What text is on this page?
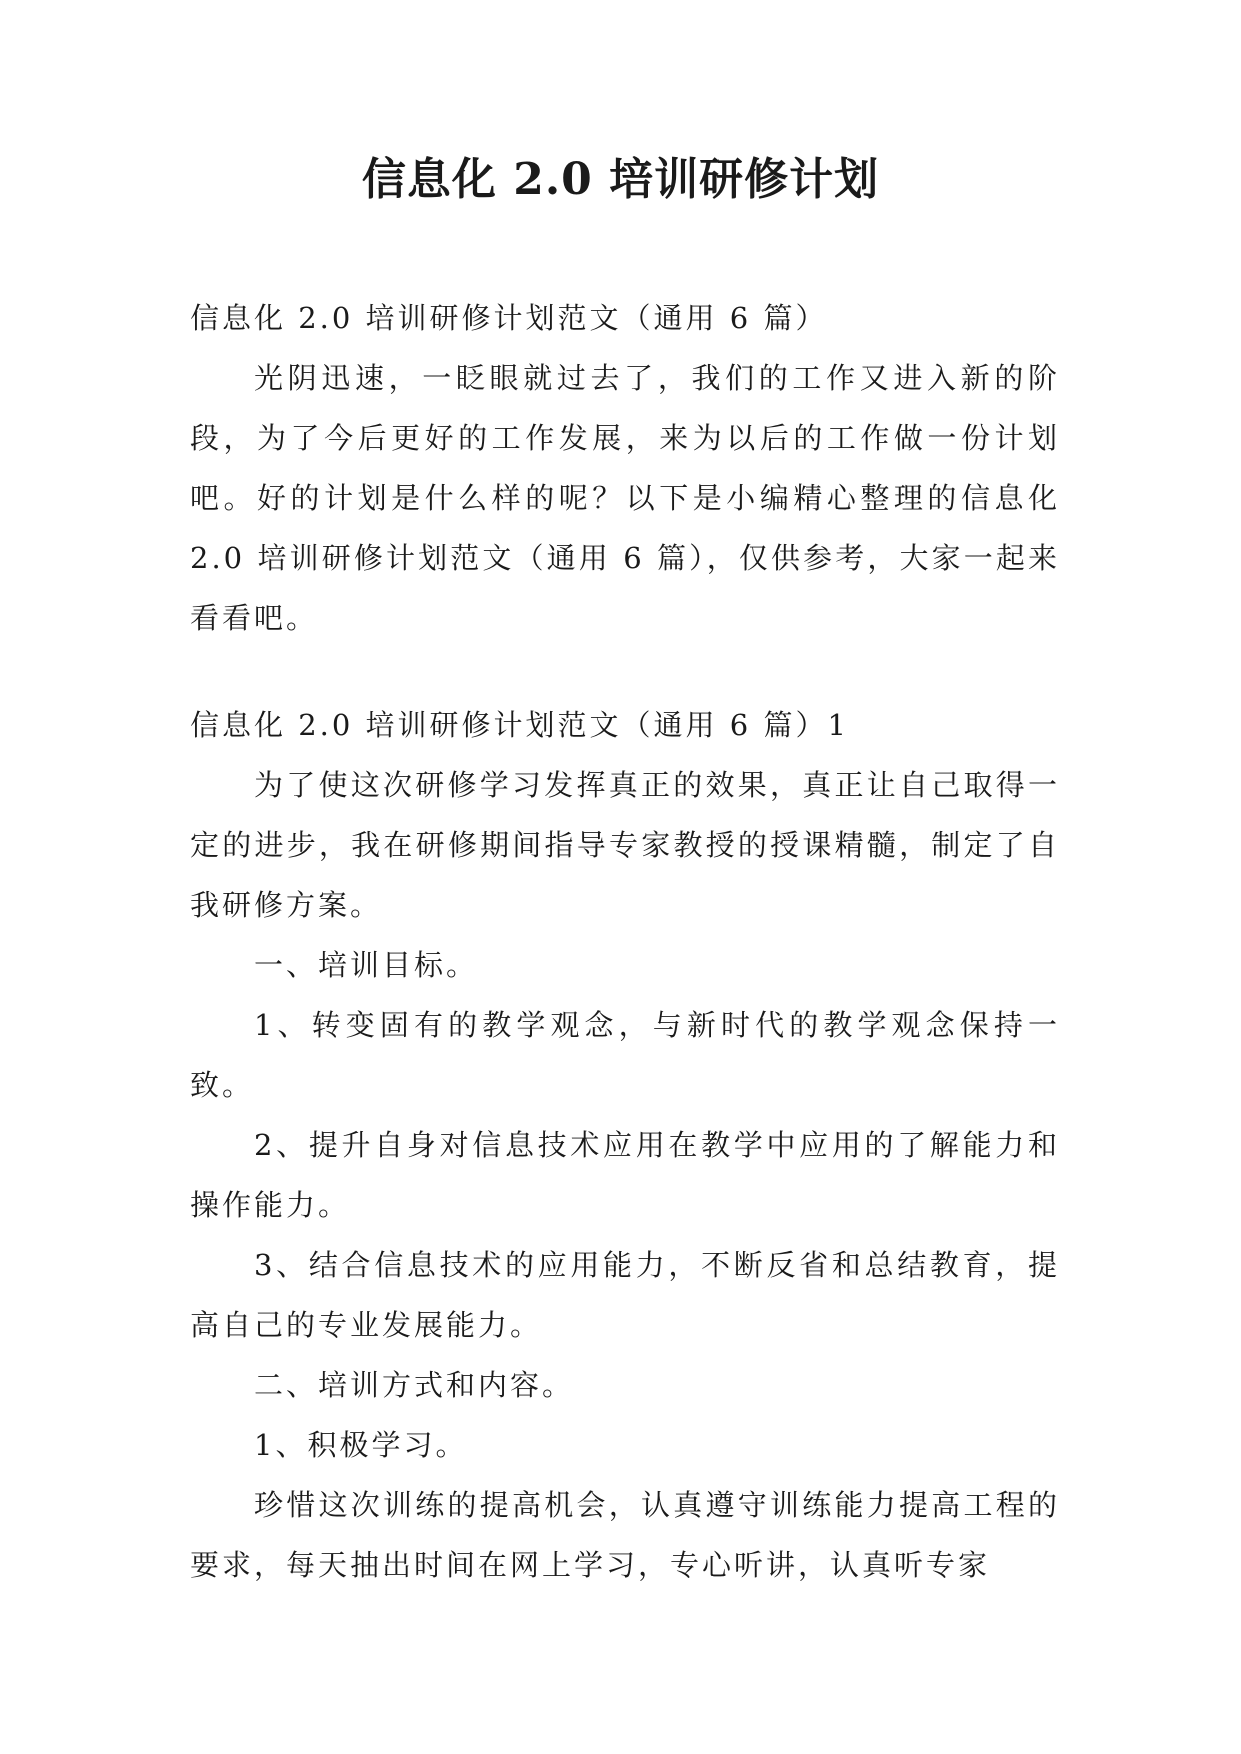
信息化 2.0 培训研修计划

信息化 2.0 培训研修计划范文（通用 6 篇）

光阴迅速，一眨眼就过去了，我们的工作又进入新的阶段，为了今后更好的工作发展，来为以后的工作做一份计划吧。好的计划是什么样的呢？以下是小编精心整理的信息化 2.0 培训研修计划范文（通用 6 篇），仅供参考，大家一起来看看吧。

信息化 2.0 培训研修计划范文（通用 6 篇）1

为了使这次研修学习发挥真正的效果，真正让自己取得一定的进步，我在研修期间指导专家教授的授课精髓，制定了自我研修方案。

一、培训目标。

1、转变固有的教学观念，与新时代的教学观念保持一致。

2、提升自身对信息技术应用在教学中应用的了解能力和操作能力。

3、结合信息技术的应用能力，不断反省和总结教育，提高自己的专业发展能力。

二、培训方式和内容。

1、积极学习。

珍惜这次训练的提高机会，认真遵守训练能力提高工程的要求，每天抽出时间在网上学习，专心听讲，认真听专家
